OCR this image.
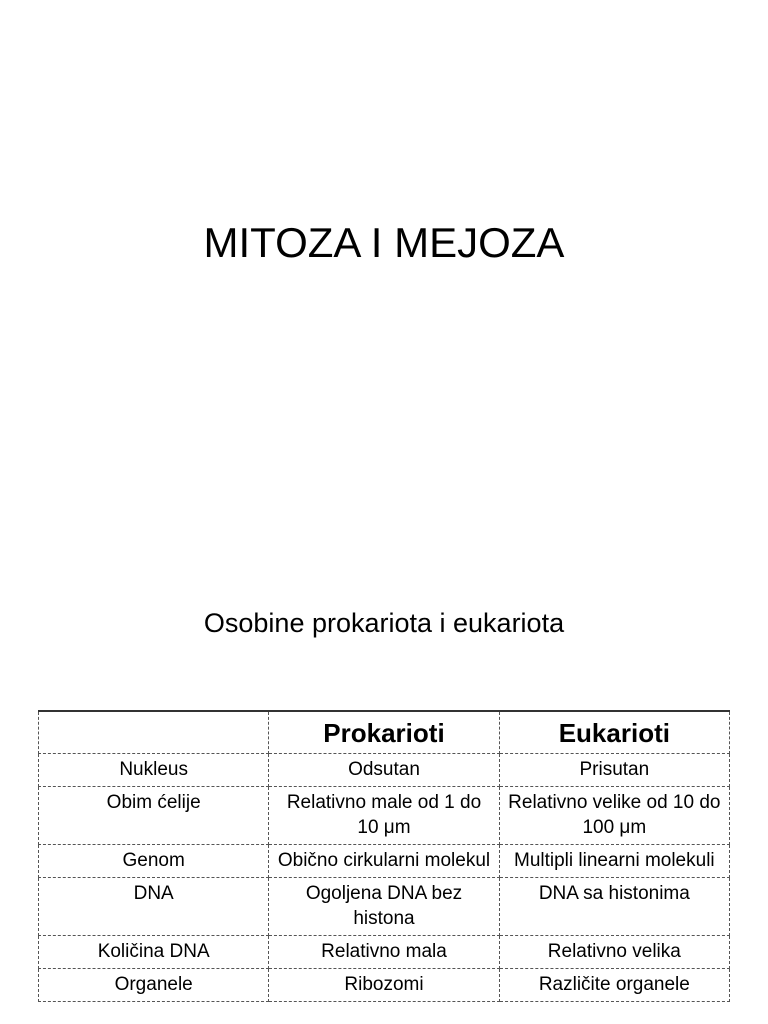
MITOZA I MEJOZA
Osobine prokariota i eukariota
	Prokarioti	Eukarioti
Nukleus	Odsutan	Prisutan
Obim ćelije	Relativno male od 1 do 10 μm	Relativno velike od 10 do 100 μm
Genom	Obično cirkularni molekul	Multipli linearni molekuli
DNA	Ogoljena DNA bez histona	DNA sa histonima
Količina DNA	Relativno mala	Relativno velika
Organele	Ribozomi	Različite organele
